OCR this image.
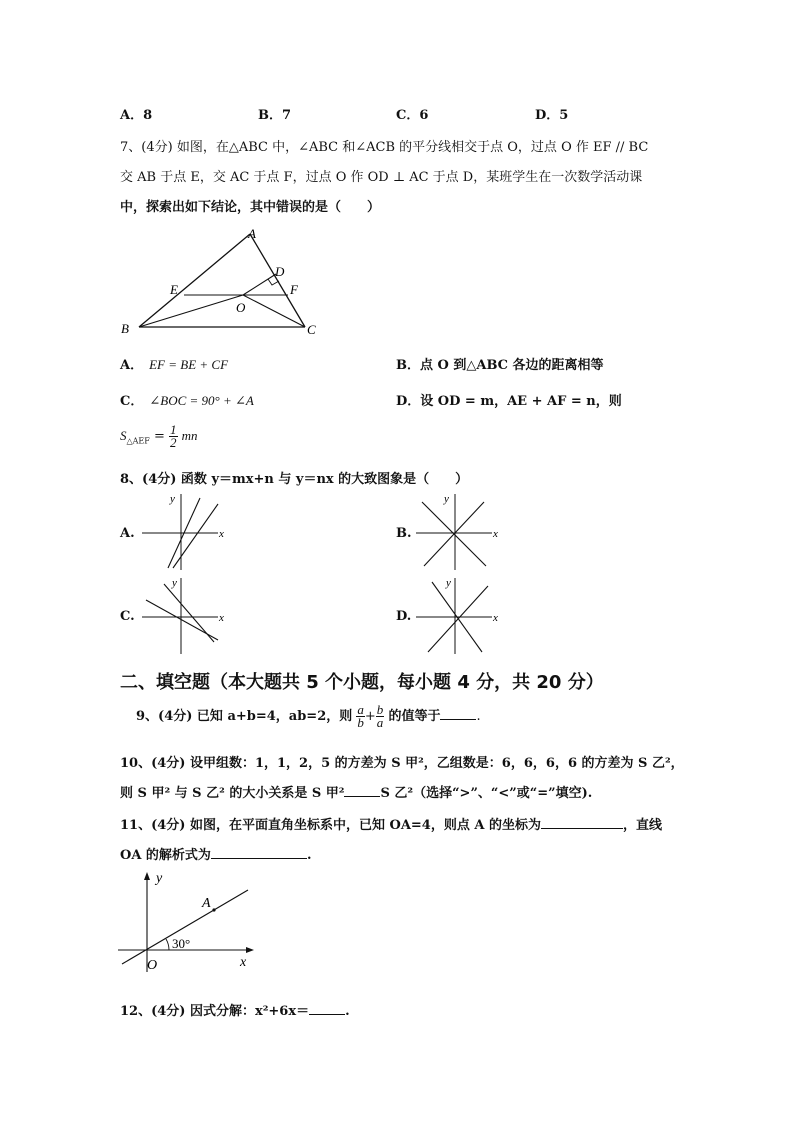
A．8	B．7	C．6	D．5
7、(4分) 如图，在△ABC 中，∠ABC 和∠ACB 的平分线相交于点 O，过点 O 作 EF // BC
交 AB 于点 E，交 AC 于点 F，过点 O 作 OD ⊥ AC 于点 D，某班学生在一次数学活动课
中，探索出如下结论，其中错误的是（　　）
A
B	C
D
E	F
O
A． EF = BE + CF	B．点 O 到△ABC 各边的距离相等
C． ∠BOC = 90° + ∠A	D．设 OD = m，AE + AF = n，则
$S_{\triangle AEF} = \frac{1}{2}$ mn
8、(4分) 函数 y＝mx+n 与 y＝nx 的大致图象是（　　）
A.	x
y
B.	x
y
C.	x
y
D.	x
y
二、填空题（本大题共 5 个小题，每小题 4 分，共 20 分）
9、(4分) 已知 a+b=4，ab=2，则 $\frac{a}{b} + \frac{b}{a}$ 的值等于	.
10、(4分) 设甲组数：1，1，2，5 的方差为 S 甲²，乙组数是：6，6，6，6 的方差为 S 乙²，
则 S 甲² 与 S 乙² 的大小关系是 S 甲²	S 乙²（选择“>”、“<”或“=”填空).
11、(4分) 如图，在平面直角坐标系中，已知 OA=4，则点 A 的坐标为	，直线
OA 的解析式为	.
y
x
O
A
30°
12、(4分) 因式分解：x²+6x＝	.
